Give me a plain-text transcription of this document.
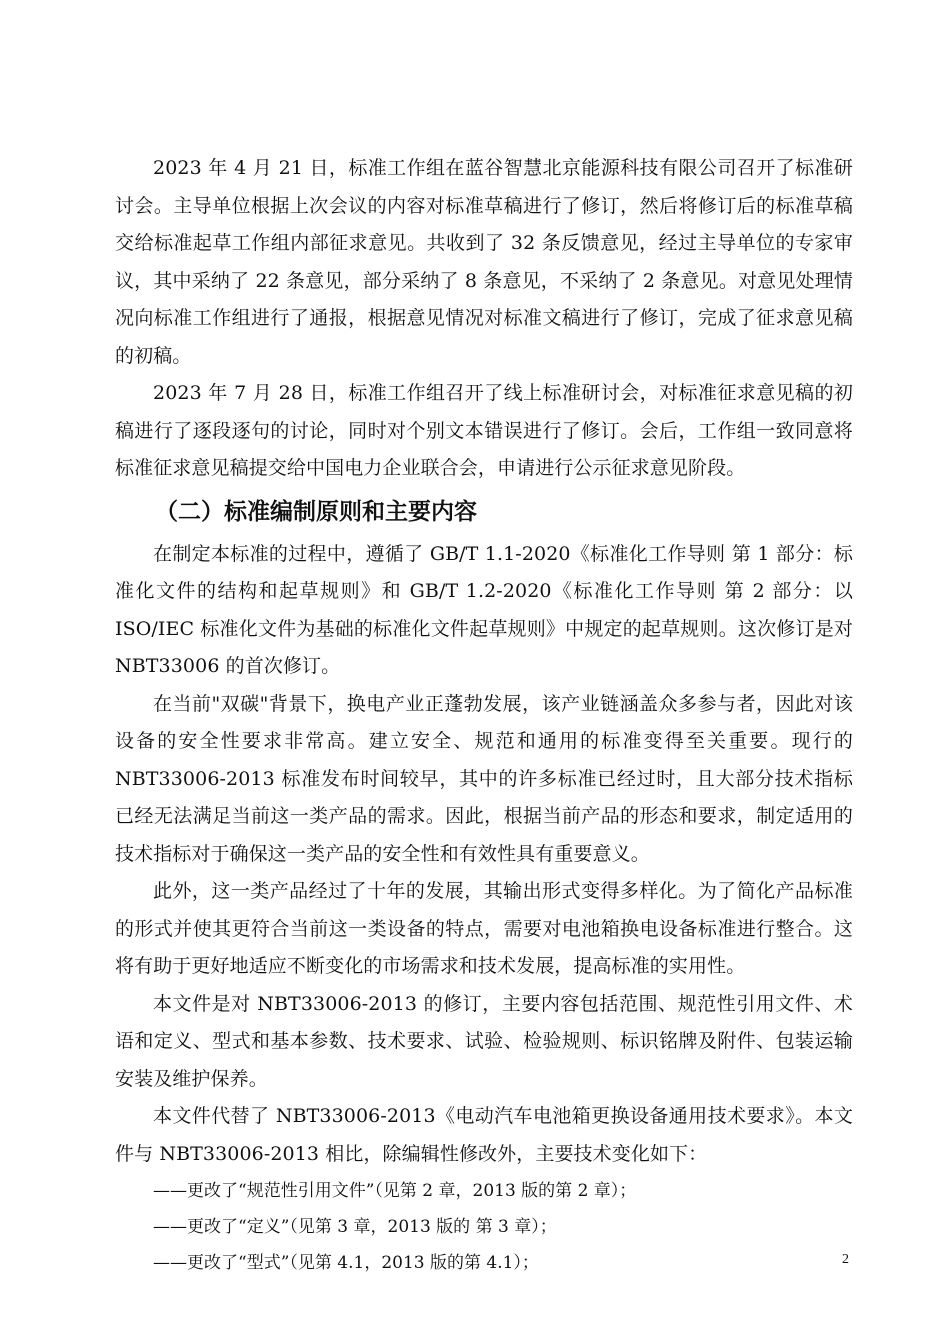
2023 年 4 月 21 日，标准工作组在蓝谷智慧北京能源科技有限公司召开了标准研讨会。主导单位根据上次会议的内容对标准草稿进行了修订，然后将修订后的标准草稿交给标准起草工作组内部征求意见。共收到了 32 条反馈意见，经过主导单位的专家审议，其中采纳了 22 条意见，部分采纳了 8 条意见，不采纳了 2 条意见。对意见处理情况向标准工作组进行了通报，根据意见情况对标准文稿进行了修订，完成了征求意见稿的初稿。

2023 年 7 月 28 日，标准工作组召开了线上标准研讨会，对标准征求意见稿的初稿进行了逐段逐句的讨论，同时对个别文本错误进行了修订。会后，工作组一致同意将标准征求意见稿提交给中国电力企业联合会，申请进行公示征求意见阶段。

（二）标准编制原则和主要内容

在制定本标准的过程中，遵循了 GB/T 1.1-2020《标准化工作导则 第 1 部分：标准化文件的结构和起草规则》和 GB/T 1.2-2020《标准化工作导则 第 2 部分：以 ISO/IEC 标准化文件为基础的标准化文件起草规则》中规定的起草规则。这次修订是对 NBT33006 的首次修订。

在当前"双碳"背景下，换电产业正蓬勃发展，该产业链涵盖众多参与者，因此对该设备的安全性要求非常高。建立安全、规范和通用的标准变得至关重要。现行的 NBT33006-2013 标准发布时间较早，其中的许多标准已经过时，且大部分技术指标已经无法满足当前这一类产品的需求。因此，根据当前产品的形态和要求，制定适用的技术指标对于确保这一类产品的安全性和有效性具有重要意义。

此外，这一类产品经过了十年的发展，其输出形式变得多样化。为了简化产品标准的形式并使其更符合当前这一类设备的特点，需要对电池箱换电设备标准进行整合。这将有助于更好地适应不断变化的市场需求和技术发展，提高标准的实用性。

本文件是对 NBT33006-2013 的修订，主要内容包括范围、规范性引用文件、术语和定义、型式和基本参数、技术要求、试验、检验规则、标识铭牌及附件、包装运输安装及维护保养。

本文件代替了 NBT33006-2013《电动汽车电池箱更换设备通用技术要求》。本文件与 NBT33006-2013 相比，除编辑性修改外，主要技术变化如下：

——更改了“规范性引用文件”（见第 2 章，2013 版的第 2 章）；
——更改了“定义”（见第 3 章，2013 版的 第 3 章）；
——更改了“型式”（见第 4.1，2013 版的第 4.1）；	2
